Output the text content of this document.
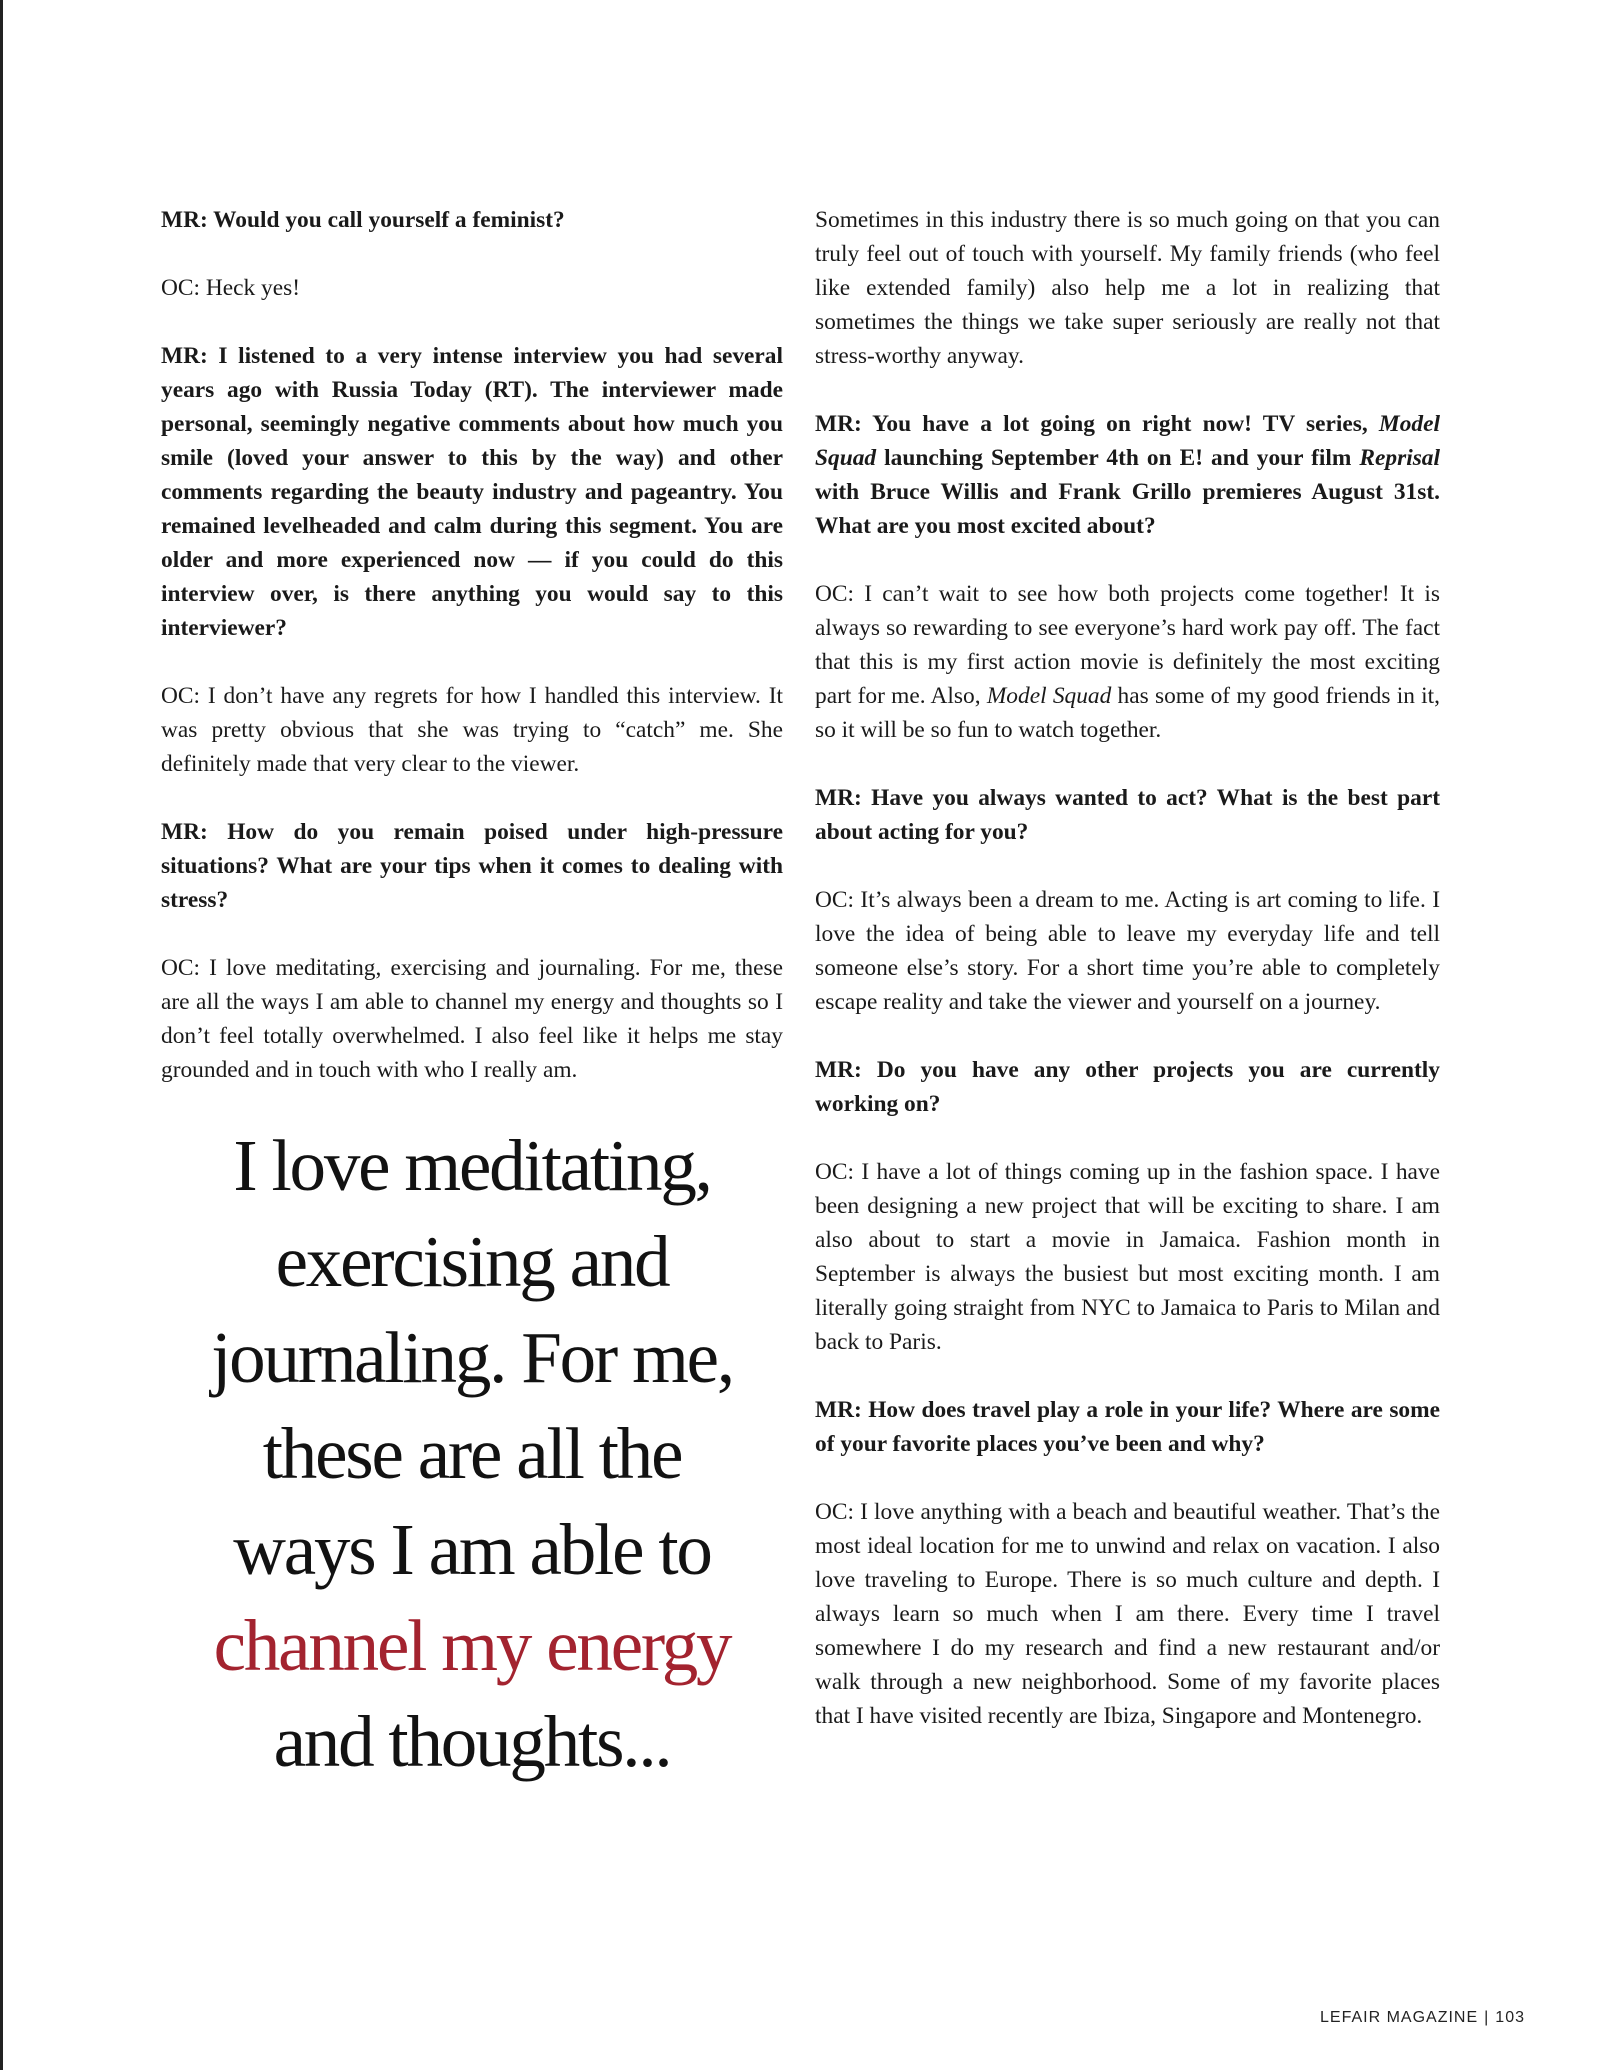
MR: Would you call yourself a feminist?

OC: Heck yes!

MR: I listened to a very intense interview you had several years ago with Russia Today (RT). The interviewer made personal, seemingly negative comments about how much you smile (loved your answer to this by the way) and other comments regarding the beauty industry and pageantry. You remained levelheaded and calm during this segment. You are older and more experienced now — if you could do this interview over, is there anything you would say to this interviewer?

OC: I don’t have any regrets for how I handled this interview. It was pretty obvious that she was trying to “catch” me. She definitely made that very clear to the viewer.

MR: How do you remain poised under high-pressure situations? What are your tips when it comes to dealing with stress?

OC: I love meditating, exercising and journaling. For me, these are all the ways I am able to channel my energy and thoughts so I don’t feel totally overwhelmed. I also feel like it helps me stay grounded and in touch with who I really am.

I love meditating,
exercising and
journaling. For me,
these are all the
ways I am able to
channel my energy
and thoughts...

Sometimes in this industry there is so much going on that you can truly feel out of touch with yourself. My family friends (who feel like extended family) also help me a lot in realizing that sometimes the things we take super seriously are really not that stress-worthy anyway.

MR: You have a lot going on right now! TV series, Model Squad launching September 4th on E! and your film Reprisal with Bruce Willis and Frank Grillo premieres August 31st. What are you most excited about?

OC: I can’t wait to see how both projects come together! It is always so rewarding to see everyone’s hard work pay off. The fact that this is my first action movie is definitely the most exciting part for me. Also, Model Squad has some of my good friends in it, so it will be so fun to watch together.

MR: Have you always wanted to act? What is the best part about acting for you?

OC: It’s always been a dream to me. Acting is art coming to life. I love the idea of being able to leave my everyday life and tell someone else’s story. For a short time you’re able to completely escape reality and take the viewer and yourself on a journey.

MR: Do you have any other projects you are currently working on?

OC: I have a lot of things coming up in the fashion space. I have been designing a new project that will be exciting to share. I am also about to start a movie in Jamaica. Fashion month in September is always the busiest but most exciting month. I am literally going straight from NYC to Jamaica to Paris to Milan and back to Paris.

MR: How does travel play a role in your life? Where are some of your favorite places you’ve been and why?

OC: I love anything with a beach and beautiful weather. That’s the most ideal location for me to unwind and relax on vacation. I also love traveling to Europe. There is so much culture and depth. I always learn so much when I am there. Every time I travel somewhere I do my research and find a new restaurant and/or walk through a new neighborhood. Some of my favorite places that I have visited recently are Ibiza, Singapore and Montenegro.

LEFAIR MAGAZINE | 103
